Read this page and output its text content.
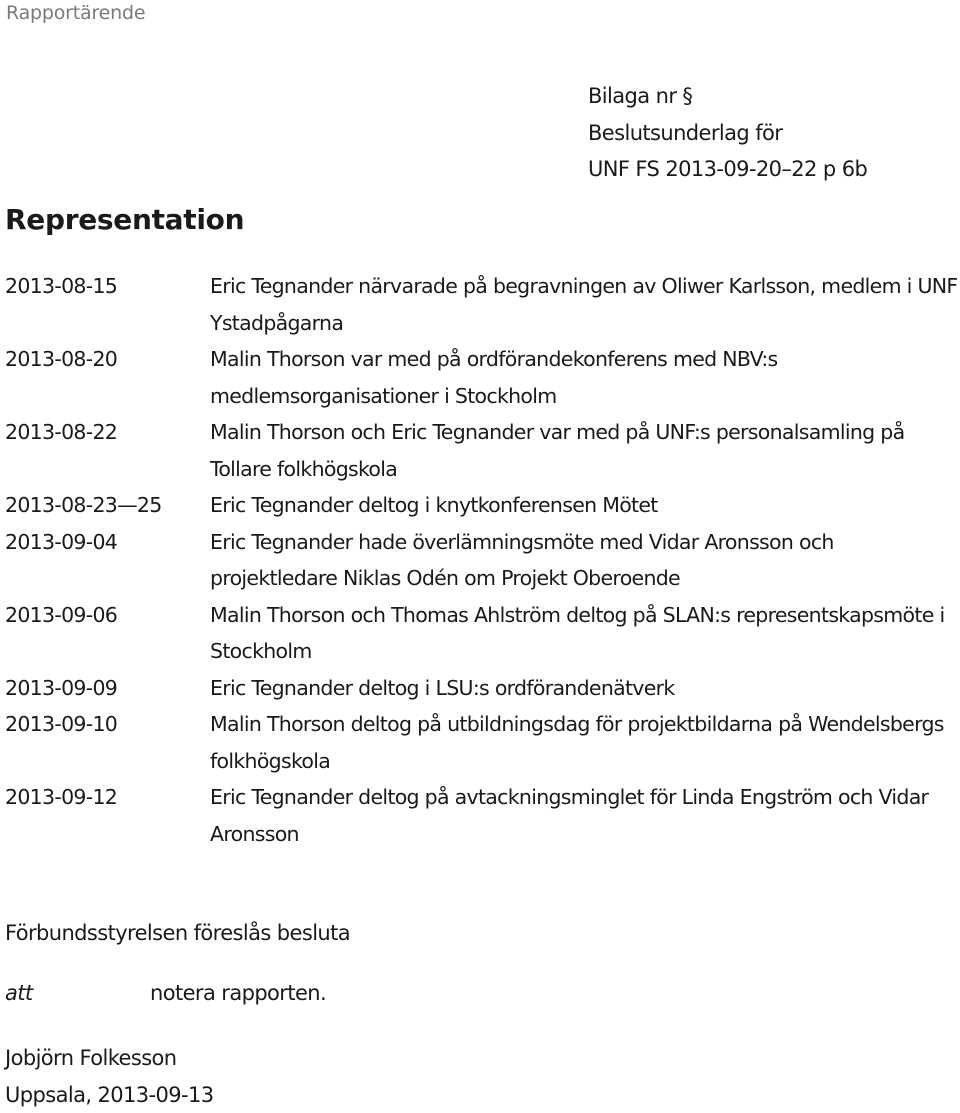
Rapportärende
Bilaga nr §
Beslutsunderlag för
UNF FS 2013-09-20–22 p 6b
Representation
2013-08-15	Eric Tegnander närvarade på begravningen av Oliwer Karlsson, medlem i UNF Ystadpågarna
2013-08-20	Malin Thorson var med på ordförandekonferens med NBV:s medlemsorganisationer i Stockholm
2013-08-22	Malin Thorson och Eric Tegnander var med på UNF:s personalsamling på Tollare folkhögskola
2013-08-23—25	Eric Tegnander deltog i knytkonferensen Mötet
2013-09-04	Eric Tegnander hade överlämningsmöte med Vidar Aronsson och projektledare Niklas Odén om Projekt Oberoende
2013-09-06	Malin Thorson och Thomas Ahlström deltog på SLAN:s representskapsmöte i Stockholm
2013-09-09	Eric Tegnander deltog i LSU:s ordförandenätverk
2013-09-10	Malin Thorson deltog på utbildningsdag för projektbildarna på Wendelsbergs folkhögskola
2013-09-12	Eric Tegnander deltog på avtackningsminglet för Linda Engström och Vidar Aronsson
Förbundsstyrelsen föreslås besluta
att	notera rapporten.
Jobjörn Folkesson
Uppsala, 2013-09-13
